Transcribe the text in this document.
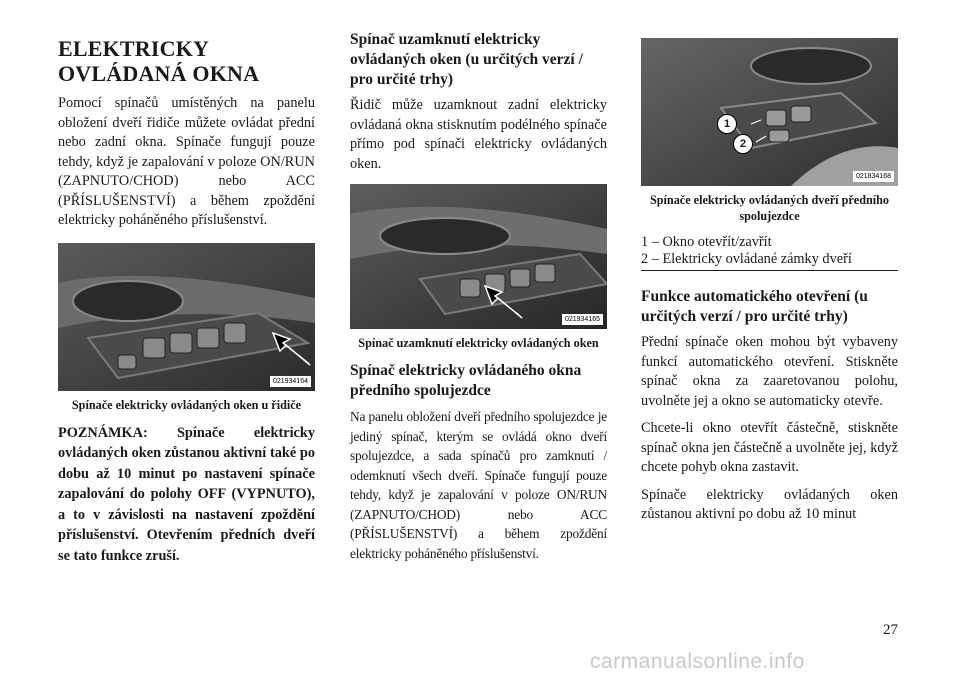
ELEKTRICKY OVLÁDANÁ OKNA
Pomocí spínačů umístěných na panelu obložení dveří řidiče můžete ovládat přední nebo zadní okna. Spínače fungují pouze tehdy, když je zapalování v poloze ON/RUN (ZAPNUTO/CHOD) nebo ACC (PŘÍSLUŠENSTVÍ) a během zpoždění elektricky poháněného příslušenství.
021934164
Spínače elektricky ovládaných oken u řidiče
POZNÁMKA: Spínače elektricky ovládaných oken zůstanou aktivní také po dobu až 10 minut po nastavení spínače zapalování do polohy OFF (VYPNUTO), a to v závislosti na nastavení zpoždění příslušenství. Otevřením předních dveří se tato funkce zruší.
Spínač uzamknutí elektricky ovládaných oken (u určitých verzí / pro určité trhy)
Řidič může uzamknout zadní elektricky ovládaná okna stisknutím podélného spínače přímo pod spínači elektricky ovládaných oken.
021934165
Spínač uzamknutí elektricky ovládaných oken
Spínač elektricky ovládaného okna předního spolujezdce
Na panelu obložení dveří předního spolujezdce je jediný spínač, kterým se ovládá okno dveří spolujezdce, a sada spínačů pro zamknutí / odemknutí všech dveří. Spínače fungují pouze tehdy, když je zapalování v poloze ON/RUN (ZAPNUTO/CHOD) nebo ACC (PŘÍSLUŠENSTVÍ) a během zpoždění elektricky poháněného příslušenství.
1
2
021834168
Spínače elektricky ovládaných dveří předního spolujezdce
1 – Okno otevřít/zavřít
2 – Elektricky ovládané zámky dveří
Funkce automatického otevření (u určitých verzí / pro určité trhy)
Přední spínače oken mohou být vybaveny funkcí automatického otevření. Stiskněte spínač okna za zaaretovanou polohu, uvolněte jej a okno se automaticky otevře.
Chcete-li okno otevřít částečně, stiskněte spínač okna jen částečně a uvolněte jej, když chcete pohyb okna zastavit.
Spínače elektricky ovládaných oken zůstanou aktivní po dobu až 10 minut
27
carmanualsonline.info
